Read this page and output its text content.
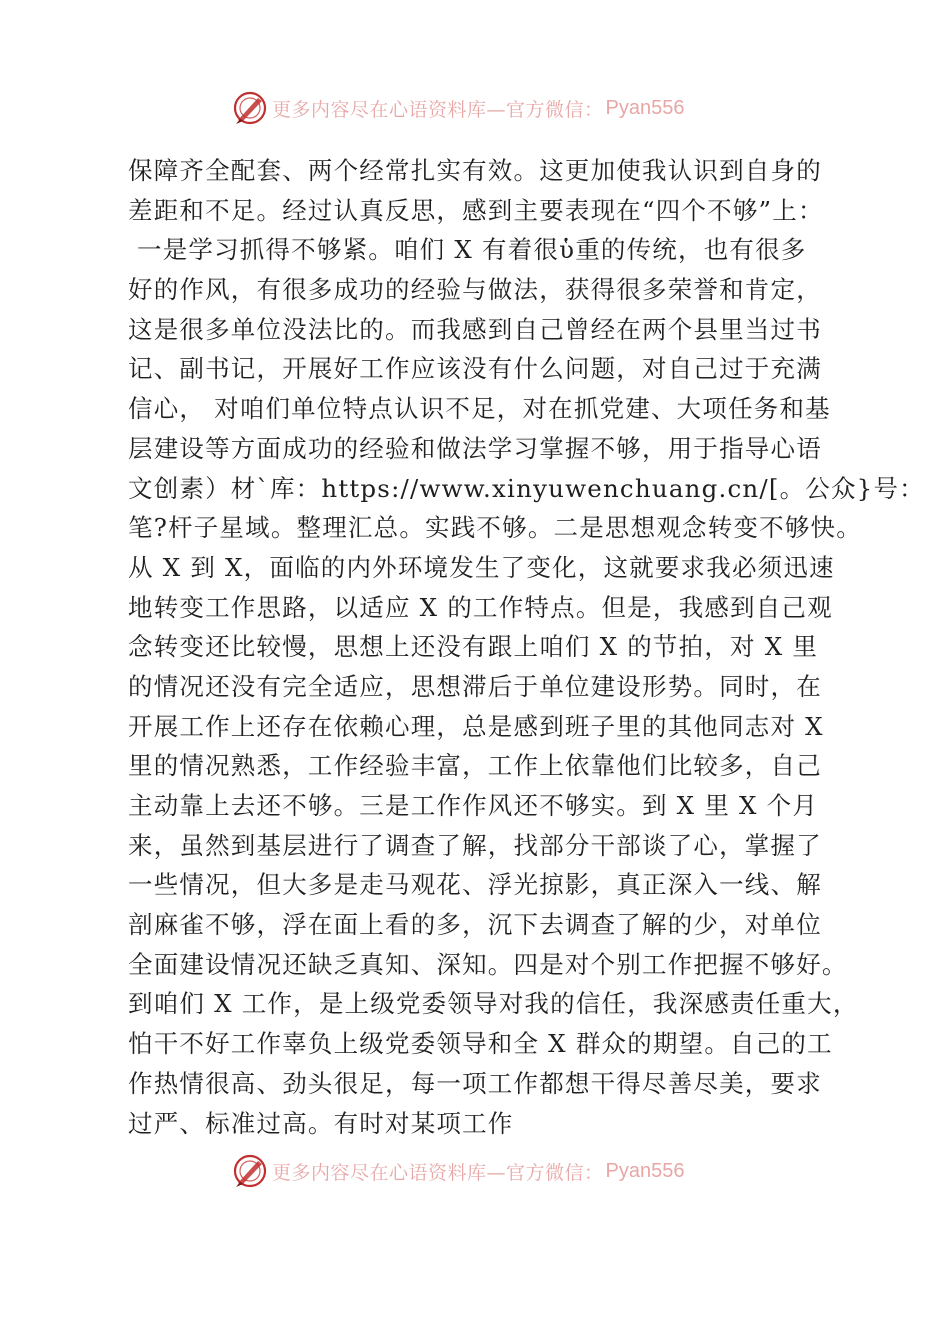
更多内容尽在心语资料库—官方微信： Pyan556
保障齐全配套、两个经常扎实有效。这更加使我认识到自身的
差距和不足。经过认真反思，感到主要表现在“四个不够”上：
一是学习抓得不够紧。咱们 X 有着很ὑ重的传统，也有很多
好的作风，有很多成功的经验与做法，获得很多荣誉和肯定，
这是很多单位没法比的。而我感到自己曾经在两个县里当过书
记、副书记，开展好工作应该没有什么问题，对自己过于充满
信心， 对咱们单位特点认识不足，对在抓党建、大项任务和基
层建设等方面成功的经验和做法学习掌握不够，用于指导心语
文创素）材`库：https://www.xinyuwenchuang.cn/[。公众}号：
笔?杆子星域。整理汇总。实践不够。二是思想观念转变不够快。
从 X 到 X，面临的内外环境发生了变化，这就要求我必须迅速
地转变工作思路，以适应 X 的工作特点。但是，我感到自己观
念转变还比较慢，思想上还没有跟上咱们 X 的节拍，对 X 里
的情况还没有完全适应，思想滞后于单位建设形势。同时，在
开展工作上还存在依赖心理，总是感到班子里的其他同志对 X
里的情况熟悉，工作经验丰富，工作上依靠他们比较多，自己
主动靠上去还不够。三是工作作风还不够实。到 X 里 X 个月
来，虽然到基层进行了调查了解，找部分干部谈了心，掌握了
一些情况，但大多是走马观花、浮光掠影，真正深入一线、解
剖麻雀不够，浮在面上看的多，沉下去调查了解的少，对单位
全面建设情况还缺乏真知、深知。四是对个别工作把握不够好。
到咱们 X 工作，是上级党委领导对我的信任，我深感责任重大，
怕干不好工作辜负上级党委领导和全 X 群众的期望。自己的工
作热情很高、劲头很足，每一项工作都想干得尽善尽美，要求
过严、标准过高。有时对某项工作
更多内容尽在心语资料库—官方微信： Pyan556
